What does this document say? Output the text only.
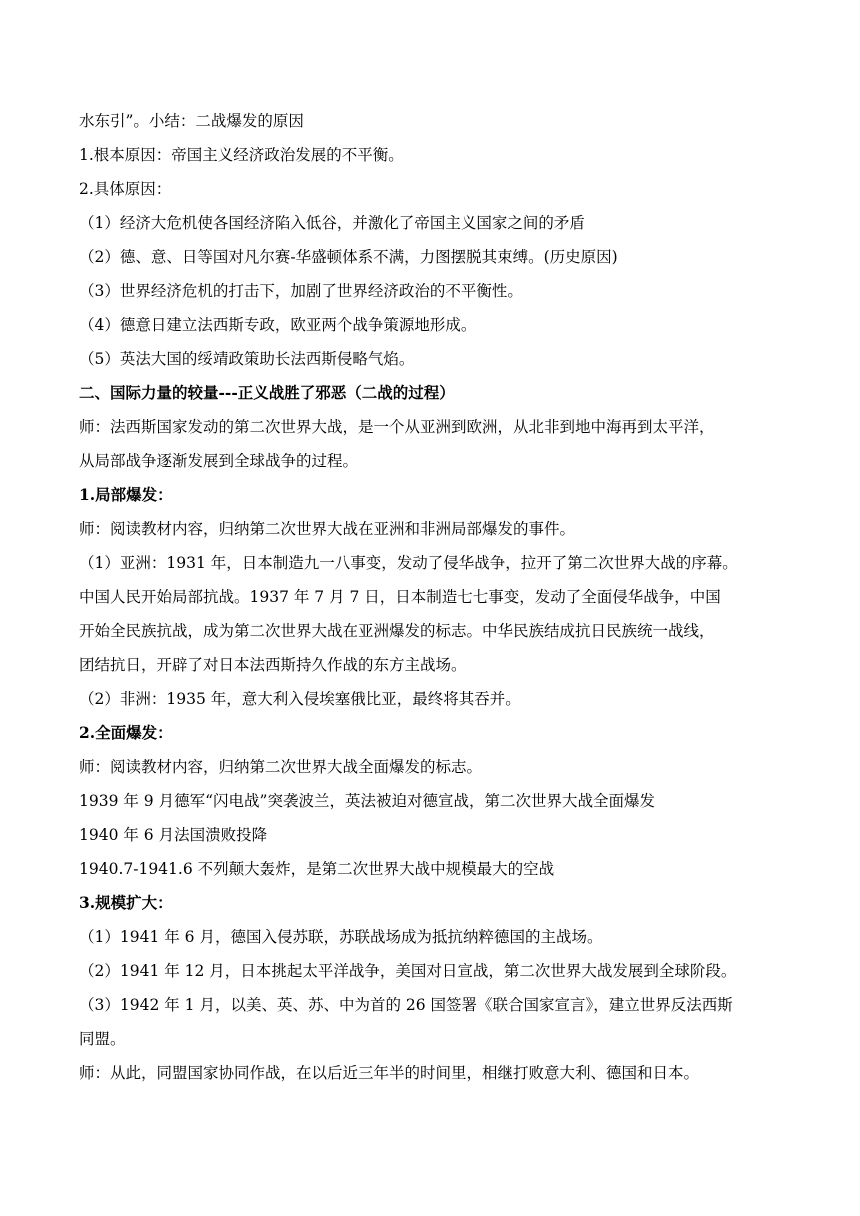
水东引”。小结：二战爆发的原因
1.根本原因：帝国主义经济政治发展的不平衡。
2.具体原因：
（1）经济大危机使各国经济陷入低谷，并激化了帝国主义国家之间的矛盾
（2）德、意、日等国对凡尔赛-华盛顿体系不满，力图摆脱其束缚。(历史原因)
（3）世界经济危机的打击下，加剧了世界经济政治的不平衡性。
（4）德意日建立法西斯专政，欧亚两个战争策源地形成。
（5）英法大国的绥靖政策助长法西斯侵略气焰。
二、国际力量的较量---正义战胜了邪恶（二战的过程）
师：法西斯国家发动的第二次世界大战，是一个从亚洲到欧洲，从北非到地中海再到太平洋，
从局部战争逐渐发展到全球战争的过程。
1.局部爆发：
师：阅读教材内容，归纳第二次世界大战在亚洲和非洲局部爆发的事件。
（1）亚洲：1931 年，日本制造九一八事变，发动了侵华战争，拉开了第二次世界大战的序幕。
中国人民开始局部抗战。1937 年 7 月 7 日，日本制造七七事变，发动了全面侵华战争，中国
开始全民族抗战，成为第二次世界大战在亚洲爆发的标志。中华民族结成抗日民族统一战线，
团结抗日，开辟了对日本法西斯持久作战的东方主战场。
（2）非洲：1935 年，意大利入侵埃塞俄比亚，最终将其吞并。
2.全面爆发：
师：阅读教材内容，归纳第二次世界大战全面爆发的标志。
1939 年 9 月德军“闪电战”突袭波兰，英法被迫对德宣战，第二次世界大战全面爆发
1940 年 6 月法国溃败投降
1940.7-1941.6 不列颠大轰炸，是第二次世界大战中规模最大的空战
3.规模扩大：
（1）1941 年 6 月，德国入侵苏联，苏联战场成为抵抗纳粹德国的主战场。
（2）1941 年 12 月，日本挑起太平洋战争，美国对日宣战，第二次世界大战发展到全球阶段。
（3）1942 年 1 月，以美、英、苏、中为首的 26 国签署《联合国家宣言》，建立世界反法西斯
同盟。
师：从此，同盟国家协同作战，在以后近三年半的时间里，相继打败意大利、德国和日本。
